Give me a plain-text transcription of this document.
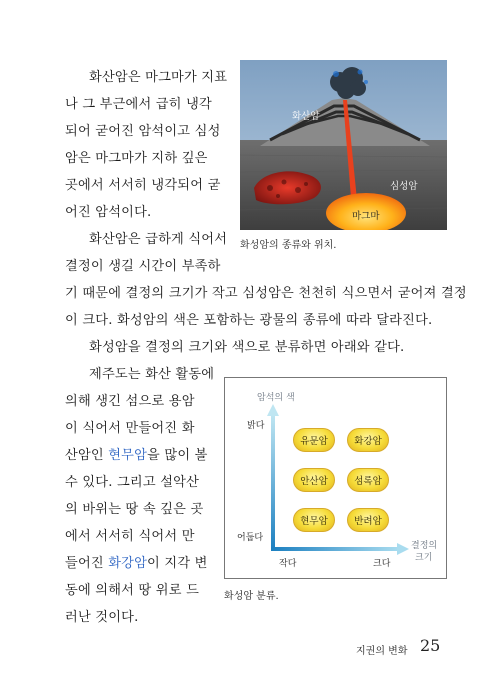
화산암은 마그마가 지표
나 그 부근에서 급히 냉각
되어 굳어진 암석이고 심성
암은 마그마가 지하 깊은
곳에서 서서히 냉각되어 굳
어진 암석이다.
화산암은 급하게 식어서
결정이 생길 시간이 부족하
기 때문에 결정의 크기가 작고 심성암은 천천히 식으면서 굳어져 결정
이 크다. 화성암의 색은 포함하는 광물의 종류에 따라 달라진다.
화성암을 결정의 크기와 색으로 분류하면 아래와 같다.
제주도는 화산 활동에
의해 생긴 섬으로 용암
이 식어서 만들어진 화
산암인 현무암을 많이 볼
수 있다. 그리고 설악산
의 바위는 땅 속 깊은 곳
에서 서서히 식어서 만
들어진 화강암이 지각 변
동에 의해서 땅 위로 드
러난 것이다.
화산암
심성암
마그마
화성암의 종류와 위치.
암석의 색
밝다
어둡다
작다	크다
결정의
크기
유문암	화강암
안산암	섬록암
현무암	반려암
화성암 분류.
지권의 변화 25
